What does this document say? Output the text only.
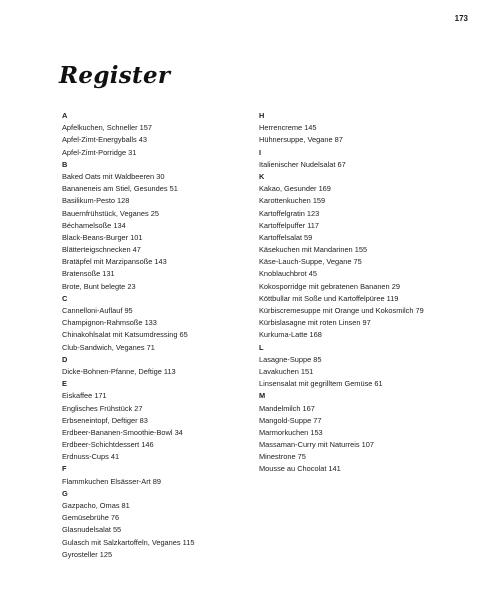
173
Register
A
Apfelkuchen, Schneller 157
Apfel-Zimt-Energyballs 43
Apfel-Zimt-Porridge 31
B
Baked Oats mit Waldbeeren 30
Bananeneis am Stiel, Gesundes 51
Basilikum-Pesto 128
Bauernfrühstück, Veganes 25
Béchamelsoße 134
Black-Beans-Burger 101
Blätterteigschnecken 47
Bratäpfel mit Marzipansoße 143
Bratensoße 131
Brote, Bunt belegte 23
C
Cannelloni-Auflauf 95
Champignon-Rahmsoße 133
Chinakohlsalat mit Katsumdressing 65
Club-Sandwich, Veganes 71
D
Dicke-Bohnen-Pfanne, Deftige 113
E
Eiskaffee 171
Englisches Frühstück 27
Erbseneintopf, Deftiger 83
Erdbeer-Bananen-Smoothie-Bowl 34
Erdbeer-Schichtdessert 146
Erdnuss-Cups 41
F
Flammkuchen Elsässer-Art 89
G
Gazpacho, Omas 81
Gemüsebrühe 76
Glasnudelsalat 55
Gulasch mit Salzkartoffeln, Veganes 115
Gyrosteller 125
H
Herrencreme 145
Hühnersuppe, Vegane 87
I
Italienischer Nudelsalat 67
K
Kakao, Gesunder 169
Karottenkuchen 159
Kartoffelgratin 123
Kartoffelpuffer 117
Kartoffelsalat 59
Käsekuchen mit Mandarinen 155
Käse-Lauch-Suppe, Vegane 75
Knoblauchbrot 45
Kokosporridge mit gebratenen Bananen 29
Köttbullar mit Soße und Kartoffelpüree 119
Kürbiscremesuppe mit Orange und Kokosmilch 79
Kürbislasagne mit roten Linsen 97
Kurkuma-Latte 168
L
Lasagne-Suppe 85
Lavakuchen 151
Linsensalat mit gegrilltem Gemüse 61
M
Mandelmilch 167
Mangold-Suppe 77
Marmorkuchen 153
Massaman-Curry mit Naturreis 107
Minestrone 75
Mousse au Chocolat 141
